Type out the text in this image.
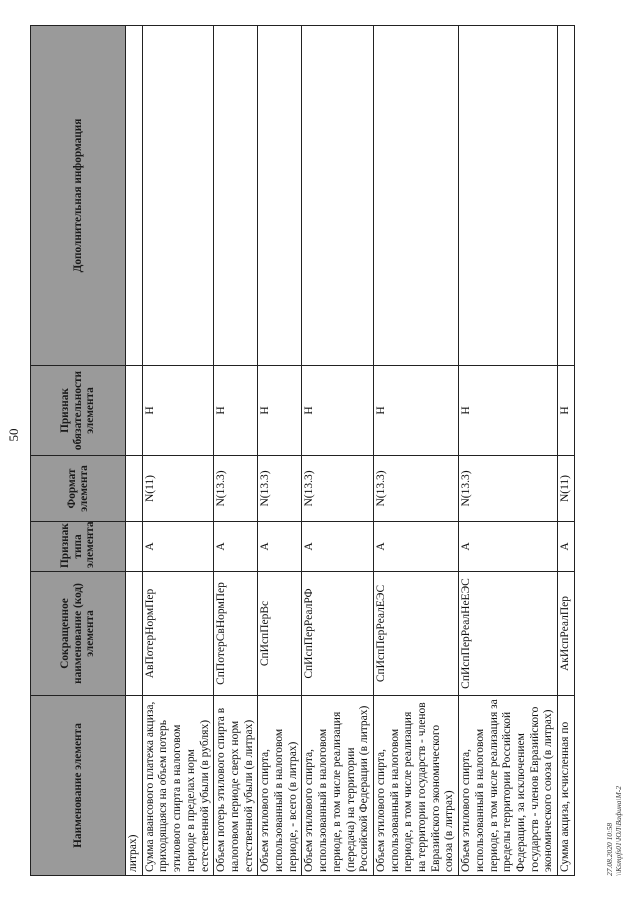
50
Наименование элемента	Сокращенное наименование (код) элемента	Признак типа элемента	Формат элемента	Признак обязательности элемента	Дополнительная информация
литрах)					
Сумма авансового платежа акциза, приходящаяся на объем потерь этилового спирта в налоговом периоде в пределах норм естественной убыли (в рублях)	АвПотерНормПер	А	N(11)	Н	
Объем потерь этилового спирта в налоговом периоде сверх норм естественной убыли (в литрах)	СпПотерСвНормПер	А	N(13.3)	Н	
Объем этилового спирта, использованный в налоговом периоде, - всего (в литрах)	СпИспПерВс	А	N(13.3)	Н	
Объем этилового спирта, использованный в налоговом периоде, в том числе реализация (передача) на территории Российской Федерации (в литрах)	СпИспПерРеалРФ	А	N(13.3)	Н	
Объем этилового спирта, использованный в налоговом периоде, в том числе реализация на территории государств - членов Евразийского экономического союза (в литрах)	СпИспПерРеалЕЭС	А	N(13.3)	Н	
Объем этилового спирта, использованный в налоговом периоде, в том числе реализация за пределы территории Российской Федерации, за исключением государств - членов Евразийского экономического союза (в литрах)	СпИспПерРеалНеЕЭС	А	N(13.3)	Н	
Сумма акциза, исчисленная по	АкИспРеалПер	А	N(11)	Н	
27.08.2020 10:58 \\Ksmpfs01\ЮЛ\Вафина\М-2
